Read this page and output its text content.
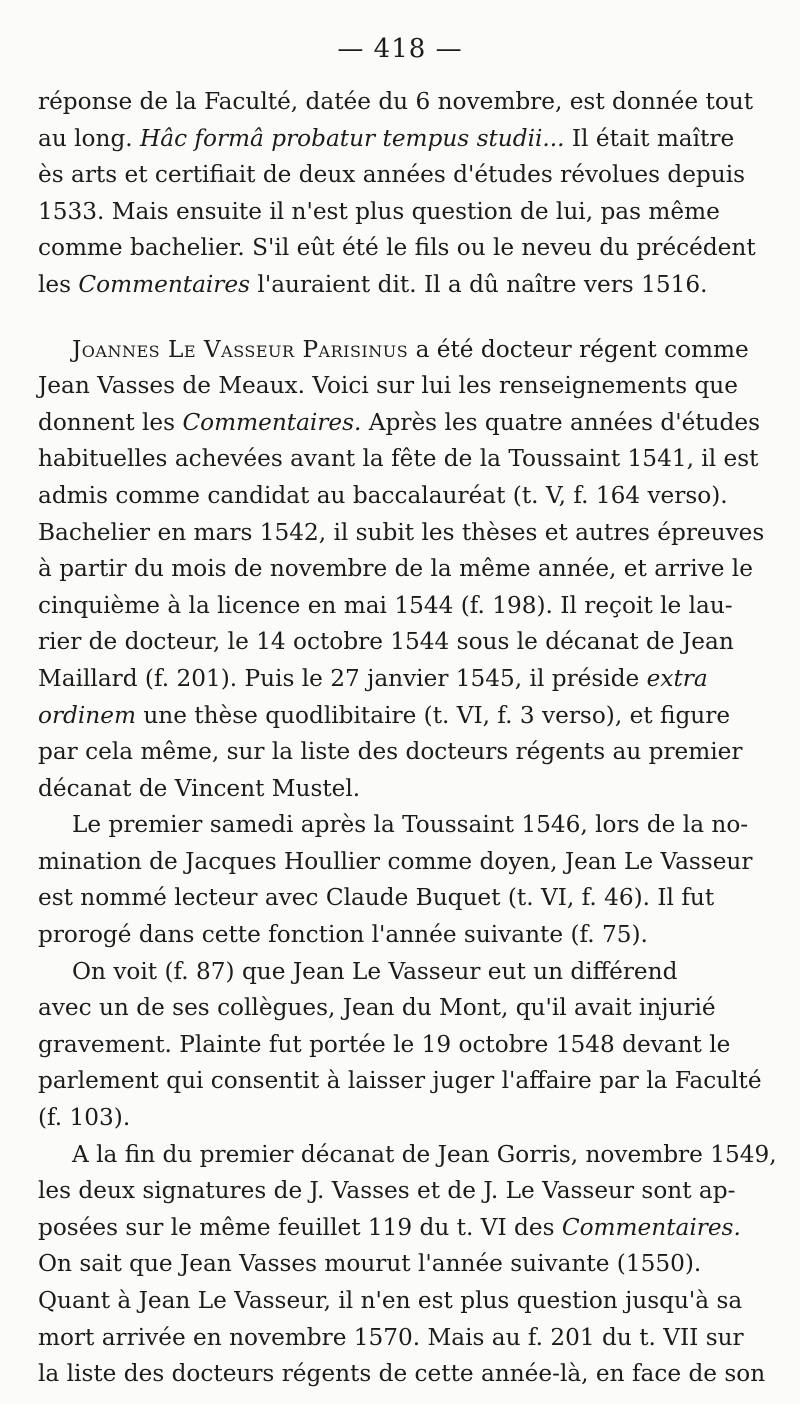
— 418 —
réponse de la Faculté, datée du 6 novembre, est donnée tout
au long. Hâc formâ probatur tempus studii... Il était maître
ès arts et certifiait de deux années d'études révolues depuis
1533. Mais ensuite il n'est plus question de lui, pas même
comme bachelier. S'il eût été le fils ou le neveu du précédent
les Commentaires l'auraient dit. Il a dû naître vers 1516.
Joannes Le Vasseur Parisinus a été docteur régent comme
Jean Vasses de Meaux. Voici sur lui les renseignements que
donnent les Commentaires. Après les quatre années d'études
habituelles achevées avant la fête de la Toussaint 1541, il est
admis comme candidat au baccalauréat (t. V, f. 164 verso).
Bachelier en mars 1542, il subit les thèses et autres épreuves
à partir du mois de novembre de la même année, et arrive le
cinquième à la licence en mai 1544 (f. 198). Il reçoit le lau-
rier de docteur, le 14 octobre 1544 sous le décanat de Jean
Maillard (f. 201). Puis le 27 janvier 1545, il préside extra
ordinem une thèse quodlibitaire (t. VI, f. 3 verso), et figure
par cela même, sur la liste des docteurs régents au premier
décanat de Vincent Mustel.
Le premier samedi après la Toussaint 1546, lors de la no-
mination de Jacques Houllier comme doyen, Jean Le Vasseur
est nommé lecteur avec Claude Buquet (t. VI, f. 46). Il fut
prorogé dans cette fonction l'année suivante (f. 75).
On voit (f. 87) que Jean Le Vasseur eut un différend
avec un de ses collègues, Jean du Mont, qu'il avait injurié
gravement. Plainte fut portée le 19 octobre 1548 devant le
parlement qui consentit à laisser juger l'affaire par la Faculté
(f. 103).
A la fin du premier décanat de Jean Gorris, novembre 1549,
les deux signatures de J. Vasses et de J. Le Vasseur sont ap-
posées sur le même feuillet 119 du t. VI des Commentaires.
On sait que Jean Vasses mourut l'année suivante (1550).
Quant à Jean Le Vasseur, il n'en est plus question jusqu'à sa
mort arrivée en novembre 1570. Mais au f. 201 du t. VII sur
la liste des docteurs régents de cette année-là, en face de son
